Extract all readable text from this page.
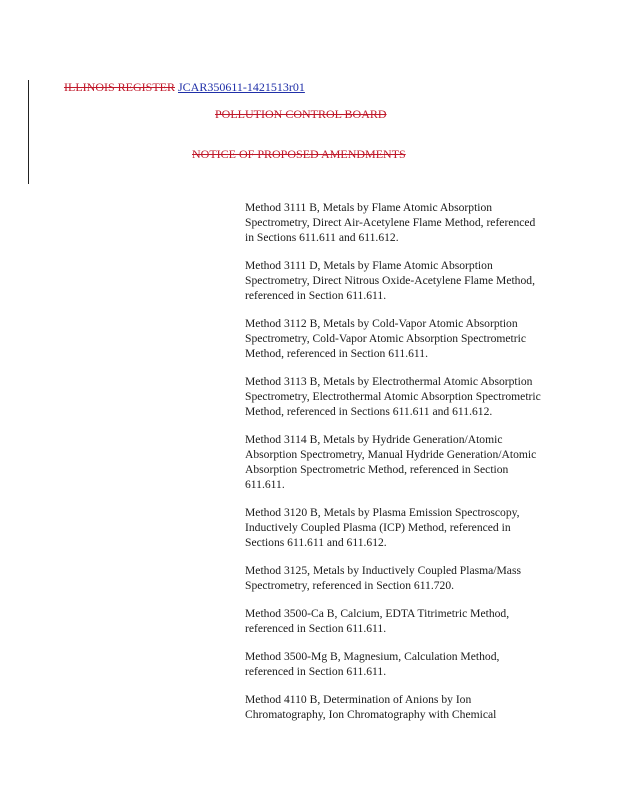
ILLINOIS REGISTER JCAR350611-1421513r01
POLLUTION CONTROL BOARD
NOTICE OF PROPOSED AMENDMENTS
Method 3111 B, Metals by Flame Atomic Absorption Spectrometry, Direct Air-Acetylene Flame Method, referenced in Sections 611.611 and 611.612.
Method 3111 D, Metals by Flame Atomic Absorption Spectrometry, Direct Nitrous Oxide-Acetylene Flame Method, referenced in Section 611.611.
Method 3112 B, Metals by Cold-Vapor Atomic Absorption Spectrometry, Cold-Vapor Atomic Absorption Spectrometric Method, referenced in Section 611.611.
Method 3113 B, Metals by Electrothermal Atomic Absorption Spectrometry, Electrothermal Atomic Absorption Spectrometric Method, referenced in Sections 611.611 and 611.612.
Method 3114 B, Metals by Hydride Generation/Atomic Absorption Spectrometry, Manual Hydride Generation/Atomic Absorption Spectrometric Method, referenced in Section 611.611.
Method 3120 B, Metals by Plasma Emission Spectroscopy, Inductively Coupled Plasma (ICP) Method, referenced in Sections 611.611 and 611.612.
Method 3125, Metals by Inductively Coupled Plasma/Mass Spectrometry, referenced in Section 611.720.
Method 3500-Ca B, Calcium, EDTA Titrimetric Method, referenced in Section 611.611.
Method 3500-Mg B, Magnesium, Calculation Method, referenced in Section 611.611.
Method 4110 B, Determination of Anions by Ion Chromatography, Ion Chromatography with Chemical
